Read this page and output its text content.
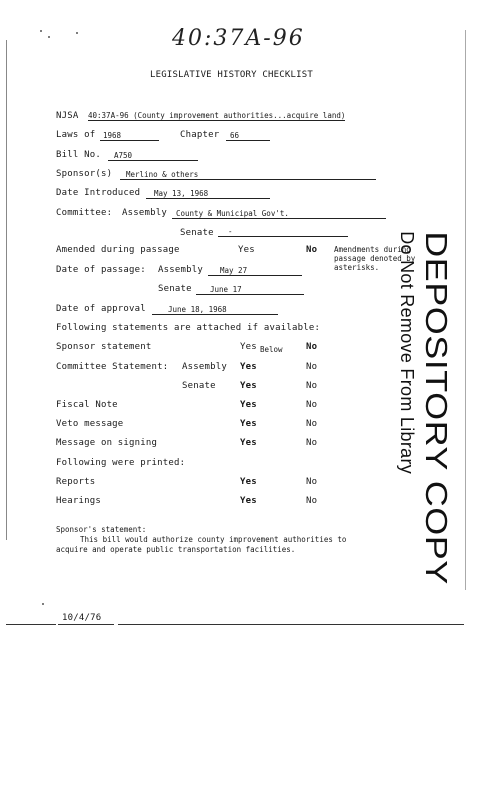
40:37A-96
LEGISLATIVE HISTORY CHECKLIST
NJSA 40:37A-96 (County improvement authorities...acquire land)
Laws of	1968	Chapter	66
Bill No.	A750
Sponsor(s)	Merlino & others
Date Introduced	May 13, 1968
Committee: Assembly	County & Municipal Gov't.
Senate	-
Amended during passage	Yes	No Amendments during
passage denoted by
asterisks.
Date of passage: Assembly	May 27
Senate	June 17
Date of approval	June 18, 1968
Following statements are attached if available:
Sponsor statement	Yes Below	No
Committee Statement: Assembly Yes	No
Senate	Yes	No
Fiscal Note	Yes	No
Veto message	Yes	No
Message on signing	Yes	No
Following were printed:
Reports	Yes	No
Hearings	Yes	No	DEPOSITORY COPY
Do Not Remove From Library
Sponsor's statement:
This bill would authorize county improvement authorities to
acquire and operate public transportation facilities.
10/4/76
